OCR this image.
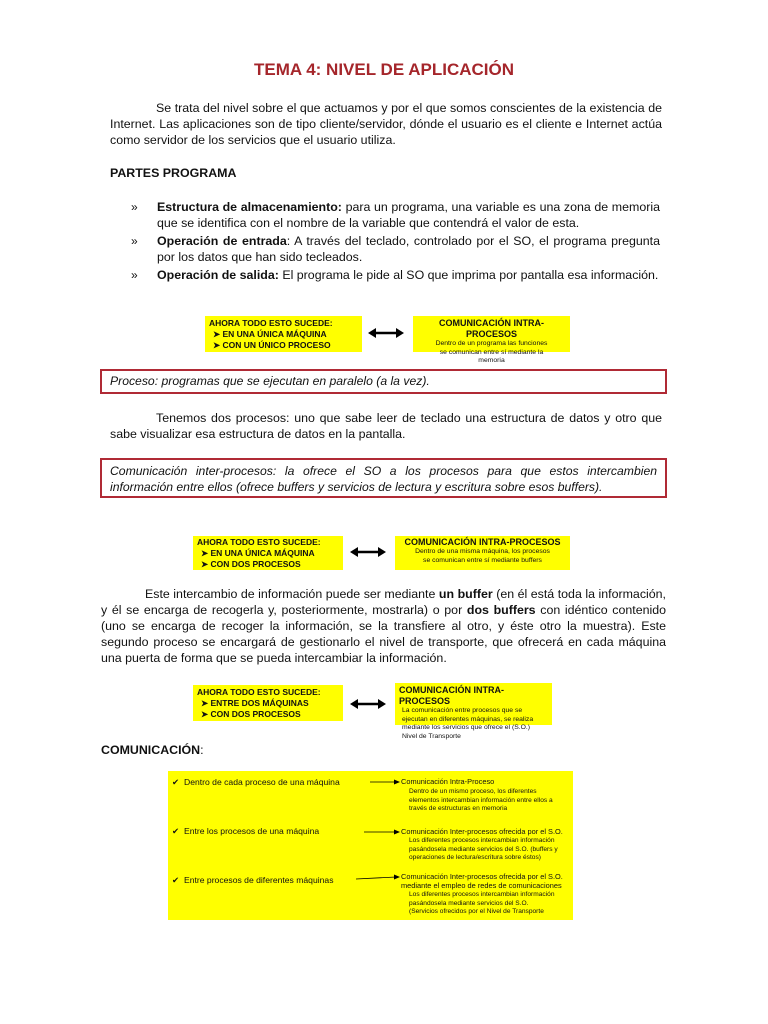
TEMA 4: NIVEL DE APLICACIÓN
Se trata del nivel sobre el que actuamos y por el que somos conscientes de la existencia de Internet. Las aplicaciones son de tipo cliente/servidor, dónde el usuario es el cliente e Internet actúa como servidor de los servicios que el usuario utiliza.
PARTES PROGRAMA
» Estructura de almacenamiento: para un programa, una variable es una zona de memoria que se identifica con el nombre de la variable que contendrá el valor de esta.
» Operación de entrada: A través del teclado, controlado por el SO, el programa pregunta por los datos que han sido tecleados.
» Operación de salida: El programa le pide al SO que imprima por pantalla esa información.
AHORA TODO ESTO SUCEDE:
➤ EN UNA ÚNICA MÁQUINA
➤ CON UN ÚNICO PROCESO
COMUNICACIÓN INTRA-PROCESOS
Dentro de un programa las funciones se comunican entre sí mediante la memoria
Proceso: programas que se ejecutan en paralelo (a la vez).
Tenemos dos procesos: uno que sabe leer de teclado una estructura de datos y otro que sabe visualizar esa estructura de datos en la pantalla.
Comunicación inter-procesos: la ofrece el SO a los procesos para que estos intercambien información entre ellos (ofrece buffers y servicios de lectura y escritura sobre esos buffers).
AHORA TODO ESTO SUCEDE:
➤ EN UNA ÚNICA MÁQUINA
➤ CON DOS PROCESOS
COMUNICACIÓN INTRA-PROCESOS
Dentro de una misma máquina, los procesos se comunican entre sí mediante buffers
Este intercambio de información puede ser mediante un buffer (en él está toda la información, y él se encarga de recogerla y, posteriormente, mostrarla) o por dos buffers con idéntico contenido (uno se encarga de recoger la información, se la transfiere al otro, y éste otro la muestra). Este segundo proceso se encargará de gestionarlo el nivel de transporte, que ofrecerá en cada máquina una puerta de forma que se pueda intercambiar la información.
AHORA TODO ESTO SUCEDE:
➤ ENTRE DOS MÁQUINAS
➤ CON DOS PROCESOS
COMUNICACIÓN INTRA-PROCESOS
La comunicación entre procesos que se ejecutan en diferentes máquinas, se realiza mediante los servicios que ofrece el (S.O.) Nivel de Transporte
COMUNICACIÓN:
✔  Dentro de cada proceso de una máquina	Comunicación Intra-Proceso
Dentro de un mismo proceso, los diferentes elementos intercambian información entre ellos a través de estructuras en memoria
✔  Entre los procesos de una máquina	Comunicación Inter-procesos ofrecida por el S.O.
Los diferentes procesos intercambian información pasándosela mediante servicios del S.O. (buffers y operaciones de lectura/escritura sobre éstos)
✔  Entre procesos de diferentes máquinas	Comunicación Inter-procesos ofrecida por el S.O. mediante el empleo de redes de comunicaciones
Los diferentes procesos intercambian información pasándosela mediante servicios del S.O. (Servicios ofrecidos por el Nivel de Transporte
